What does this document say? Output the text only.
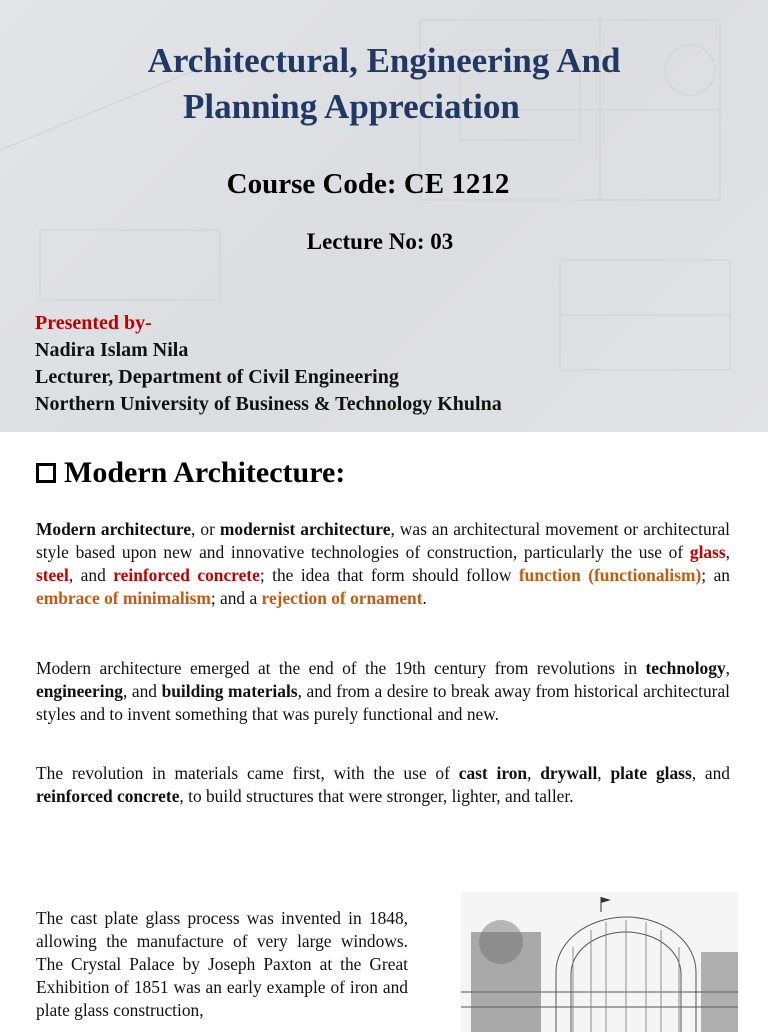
Architectural, Engineering And
Planning Appreciation
Course Code: CE 1212
Lecture No: 03
Presented by-
Nadira Islam Nila
Lecturer, Department of Civil Engineering
Northern University of Business & Technology Khulna
Modern Architecture:
Modern architecture, or modernist architecture, was an architectural movement or architectural style based upon new and innovative technologies of construction, particularly the use of glass, steel, and reinforced concrete; the idea that form should follow function (functionalism); an embrace of minimalism; and a rejection of ornament.
Modern architecture emerged at the end of the 19th century from revolutions in technology, engineering, and building materials, and from a desire to break away from historical architectural styles and to invent something that was purely functional and new.
The revolution in materials came first, with the use of cast iron, drywall, plate glass, and reinforced concrete, to build structures that were stronger, lighter, and taller.
The cast plate glass process was invented in 1848, allowing the manufacture of very large windows. The Crystal Palace by Joseph Paxton at the Great Exhibition of 1851 was an early example of iron and plate glass construction,
